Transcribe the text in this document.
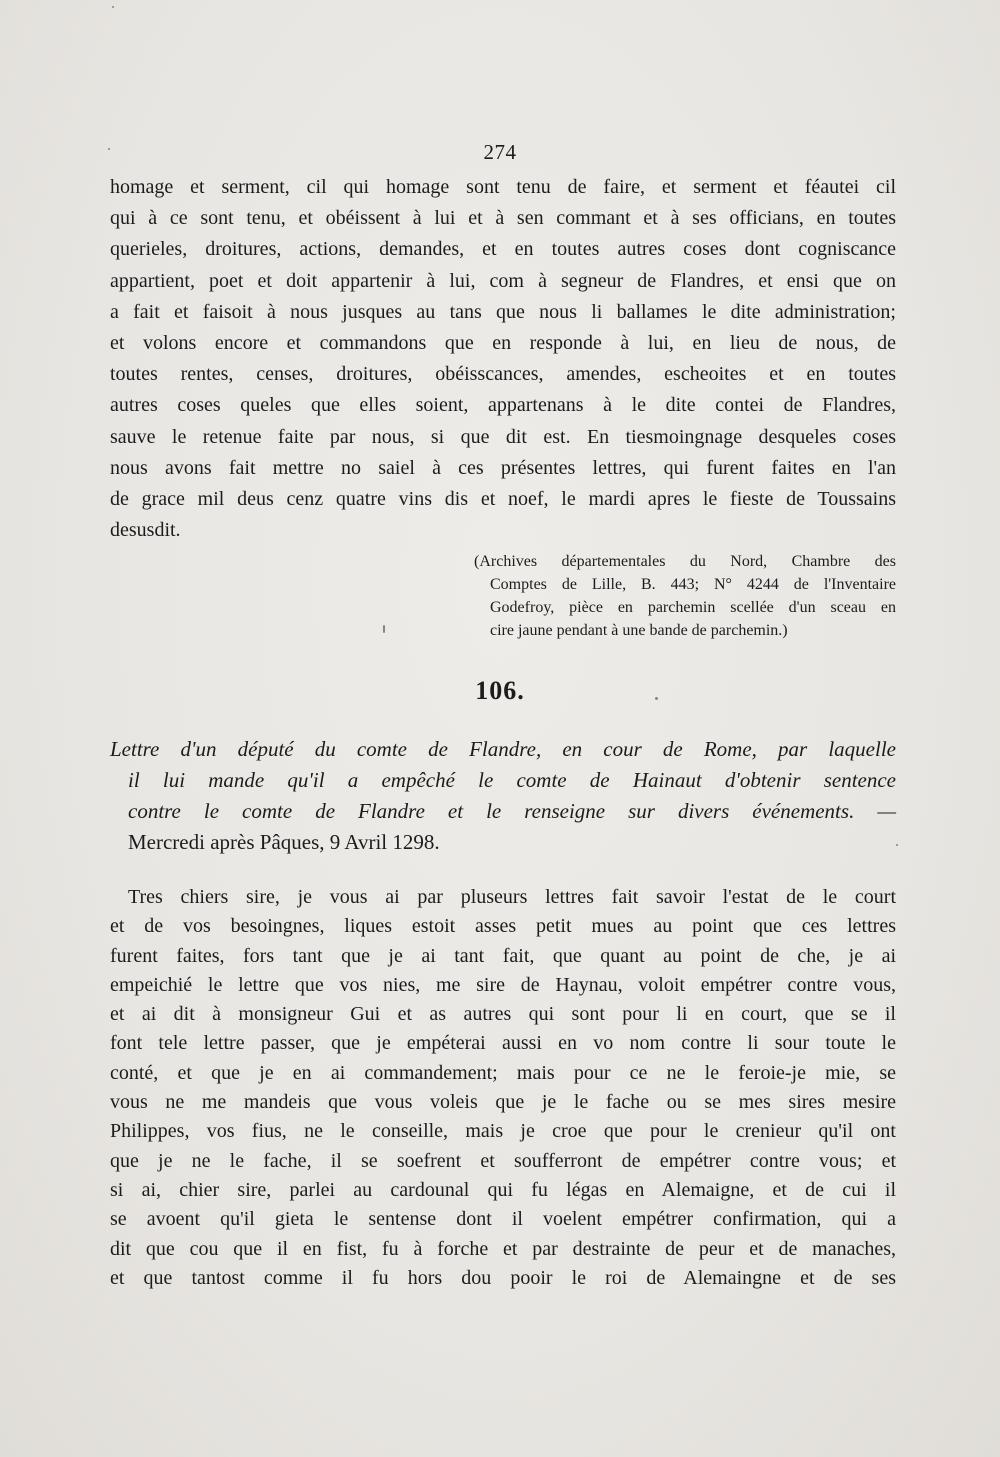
274
homage et serment, cil qui homage sont tenu de faire, et serment et féautei cil
qui à ce sont tenu, et obéissent à lui et à sen commant et à ses officians, en toutes
querieles, droitures, actions, demandes, et en toutes autres coses dont cogniscance
appartient, poet et doit appartenir à lui, com à segneur de Flandres, et ensi que on
a fait et faisoit à nous jusques au tans que nous li ballames le dite administration;
et volons encore et commandons que en responde à lui, en lieu de nous, de
toutes rentes, censes, droitures, obéisscances, amendes, escheoites et en toutes
autres coses queles que elles soient, appartenans à le dite contei de Flandres,
sauve le retenue faite par nous, si que dit est. En tiesmoingnage desqueles coses
nous avons fait mettre no saiel à ces présentes lettres, qui furent faites en l'an
de grace mil deus cenz quatre vins dis et noef, le mardi apres le fieste de Toussains
desusdit.
(Archives départementales du Nord, Chambre des
Comptes de Lille, B. 443; N° 4244 de l'Inventaire
Godefroy, pièce en parchemin scellée d'un sceau en
cire jaune pendant à une bande de parchemin.)
106.
Lettre d'un député du comte de Flandre, en cour de Rome, par laquelle
il lui mande qu'il a empêché le comte de Hainaut d'obtenir sentence
contre le comte de Flandre et le renseigne sur divers événements. —
Mercredi après Pâques, 9 Avril 1298.
Tres chiers sire, je vous ai par pluseurs lettres fait savoir l'estat de le court
et de vos besoingnes, liques estoit asses petit mues au point que ces lettres
furent faites, fors tant que je ai tant fait, que quant au point de che, je ai
empeichié le lettre que vos nies, me sire de Haynau, voloit empétrer contre vous,
et ai dit à monsigneur Gui et as autres qui sont pour li en court, que se il
font tele lettre passer, que je empéterai aussi en vo nom contre li sour toute le
conté, et que je en ai commandement; mais pour ce ne le feroie-je mie, se
vous ne me mandeis que vous voleis que je le fache ou se mes sires mesire
Philippes, vos fius, ne le conseille, mais je croe que pour le crenieur qu'il ont
que je ne le fache, il se soefrent et soufferront de empétrer contre vous; et
si ai, chier sire, parlei au cardounal qui fu légas en Alemaigne, et de cui il
se avoent qu'il gieta le sentense dont il voelent empétrer confirmation, qui a
dit que cou que il en fist, fu à forche et par destrainte de peur et de manaches,
et que tantost comme il fu hors dou pooir le roi de Alemaingne et de ses
